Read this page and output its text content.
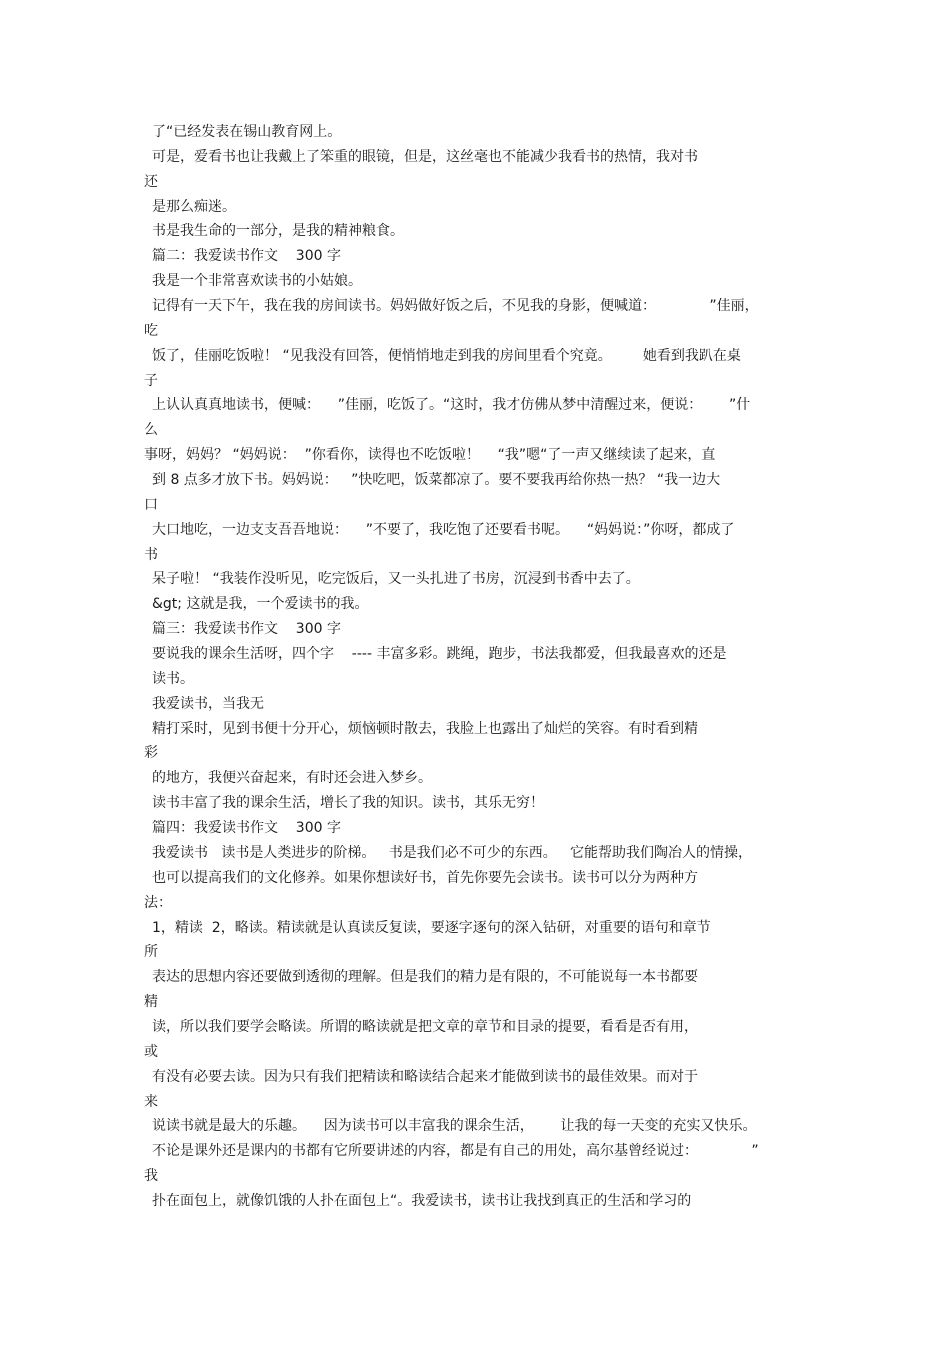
了“已经发表在锡山教育网上。
可是，爱看书也让我戴上了笨重的眼镜，但是，这丝毫也不能减少我看书的热情，我对书
还
是那么痴迷。
书是我生命的一部分，是我的精神粮食。
篇二：我爱读书作文    300 字
我是一个非常喜欢读书的小姑娘。
记得有一天下午，我在我的房间读书。妈妈做好饭之后，不见我的身影，便喊道：            ”佳丽，
吃
饭了，佳丽吃饭啦！ “见我没有回答，便悄悄地走到我的房间里看个究竟。       她看到我趴在桌
子
上认认真真地读书，便喊：    ”佳丽，吃饭了。“这时，我才仿佛从梦中清醒过来，便说：      ”什
么
事呀，妈妈？ “妈妈说：  ”你看你，读得也不吃饭啦！    “我”嗯“了一声又继续读了起来，直
到 8 点多才放下书。妈妈说：   ”快吃吧，饭菜都凉了。要不要我再给你热一热？ “我一边大
口
大口地吃，一边支支吾吾地说：    ”不要了，我吃饱了还要看书呢。    “妈妈说：”你呀，都成了
书
呆子啦！ “我装作没听见，吃完饭后，又一头扎进了书房，沉浸到书香中去了。
&gt; 这就是我，一个爱读书的我。
篇三：我爱读书作文    300 字
要说我的课余生活呀，四个字    ---- 丰富多彩。跳绳，跑步，书法我都爱，但我最喜欢的还是
读书。
我爱读书，当我无
精打采时，见到书便十分开心，烦恼顿时散去，我脸上也露出了灿烂的笑容。有时看到精
彩
的地方，我便兴奋起来，有时还会进入梦乡。
读书丰富了我的课余生活，增长了我的知识。读书，其乐无穷！
篇四：我爱读书作文    300 字
我爱读书   读书是人类进步的阶梯。   书是我们必不可少的东西。   它能帮助我们陶冶人的情操，
也可以提高我们的文化修养。如果你想读好书，首先你要先会读书。读书可以分为两种方
法：
1，精读  2，略读。精读就是认真读反复读，要逐字逐句的深入钻研，对重要的语句和章节
所
表达的思想内容还要做到透彻的理解。但是我们的精力是有限的，不可能说每一本书都要
精
读，所以我们要学会略读。所谓的略读就是把文章的章节和目录的提要，看看是否有用，
或
有没有必要去读。因为只有我们把精读和略读结合起来才能做到读书的最佳效果。而对于
来
说读书就是最大的乐趣。    因为读书可以丰富我的课余生活，      让我的每一天变的充实又快乐。
不论是课外还是课内的书都有它所要讲述的内容，都是有自己的用处，高尔基曾经说过：            ”
我
扑在面包上，就像饥饿的人扑在面包上“。我爱读书，读书让我找到真正的生活和学习的
